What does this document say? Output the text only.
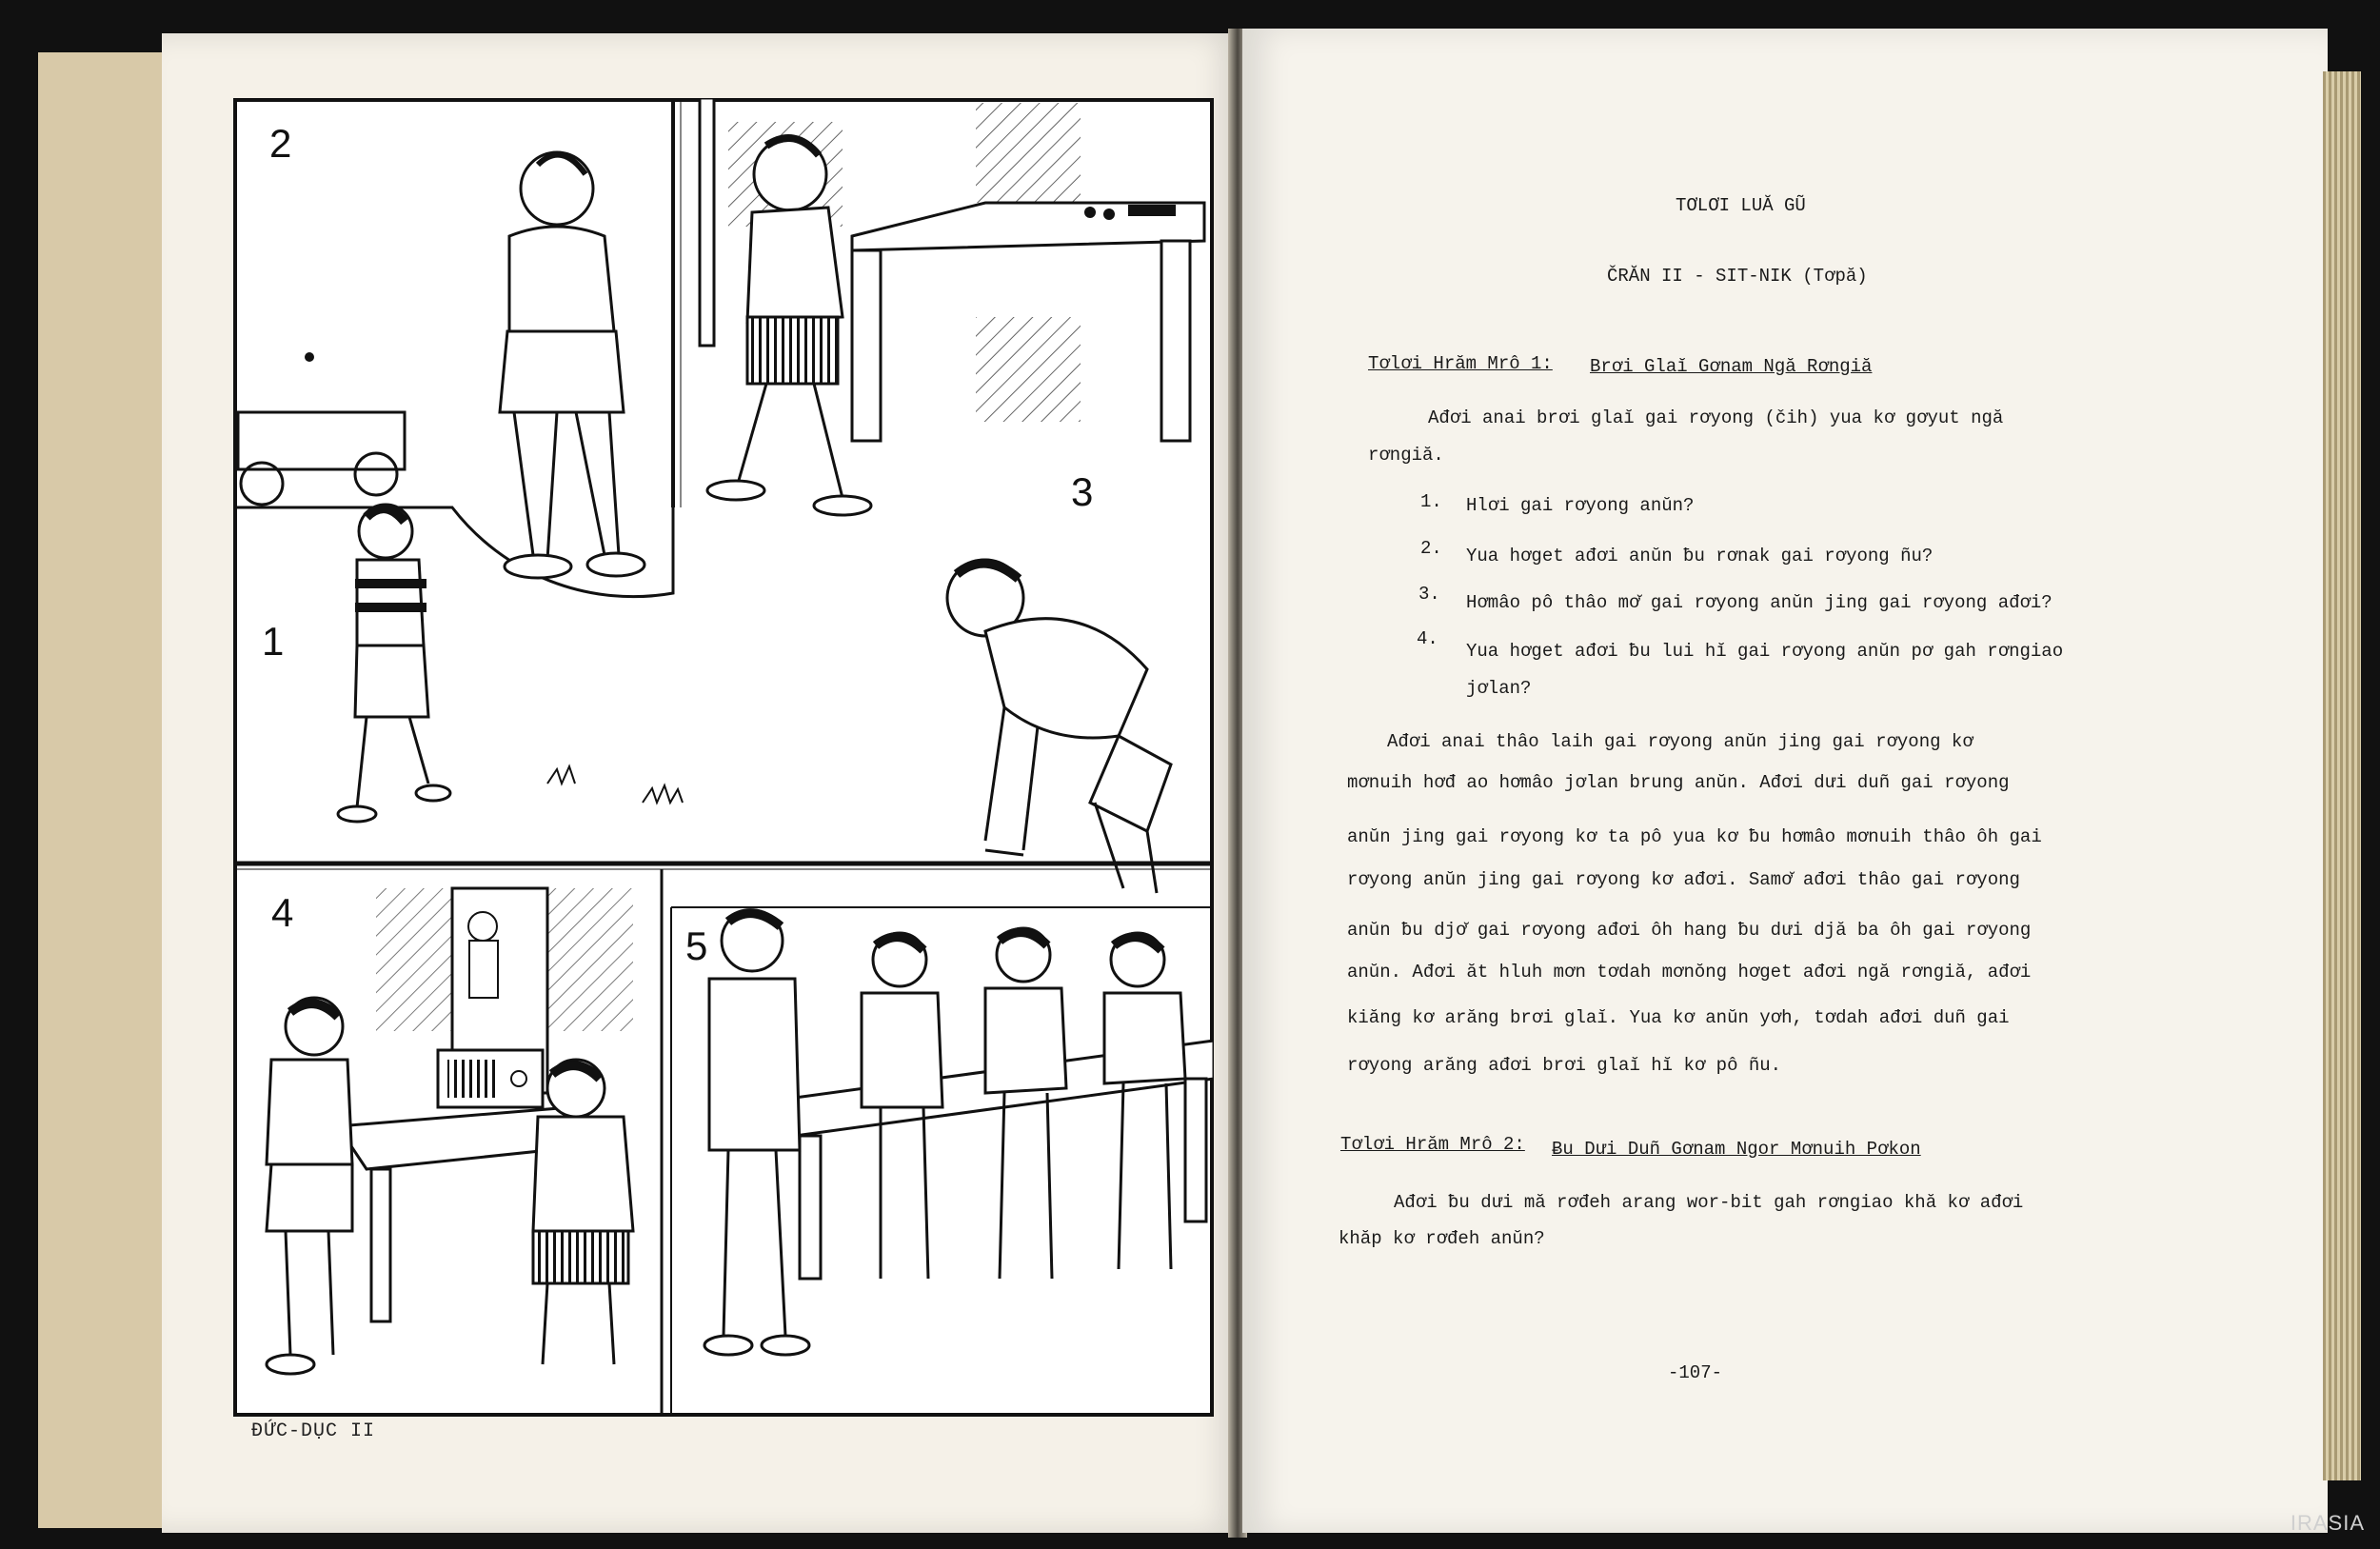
2
3
1
4
5
ĐỨC-DỤC II
TƠLƠI LUĂ GŨ
ČRĂN II - SIT-NIK (Tơpă)
Tơlơi Hrăm Mrô 1: Brơi Glaĭ Gơnam Ngă Rơngiă
Ađơi anai brơi glaĭ gai rơyong (čih) yua kơ gơyut ngă
rơngiă.
1. Hlơi gai rơyong anŭn?
2. Yua hơget ađơi anŭn ƀu rơnak gai rơyong ñu?
3. Hơmâo pô thâo mơ̆ gai rơyong anŭn jing gai rơyong ađơi?
4.
Yua hơget ađơi ƀu lui hĭ gai rơyong anŭn pơ gah rơngiao
jơlan?
Ađơi anai thâo laih gai rơyong anŭn jing gai rơyong kơ
mơnuih hơđ ao hơmâo jơlan brung anŭn. Ađơi dưi duñ gai rơyong
anŭn jing gai rơyong kơ ta pô yua kơ ƀu hơmâo mơnuih thâo ôh gai
rơyong anŭn jing gai rơyong kơ ađơi. Samơ̆ ađơi thâo gai rơyong
anŭn ƀu djơ̆ gai rơyong ađơi ôh hang ƀu dưi djă ba ôh gai rơyong
anŭn. Ađơi ăt hluh mơn tơdah mơnŏng hơget ađơi ngă rơngiă, ađơi
kiăng kơ arăng brơi glaĭ. Yua kơ anŭn yơh, tơdah ađơi duñ gai
rơyong arăng ađơi brơi glaĭ hĭ kơ pô ñu.
Tơlơi Hrăm Mrô 2: Ƀu Dưi Duñ Gơnam Ngor Mơnuih Pơkon
Ađơi ƀu dưi mă rơđeh arang wor-bit gah rơngiao khă kơ ađơi
khăp kơ rơđeh anŭn?
-107-
IRASIA
